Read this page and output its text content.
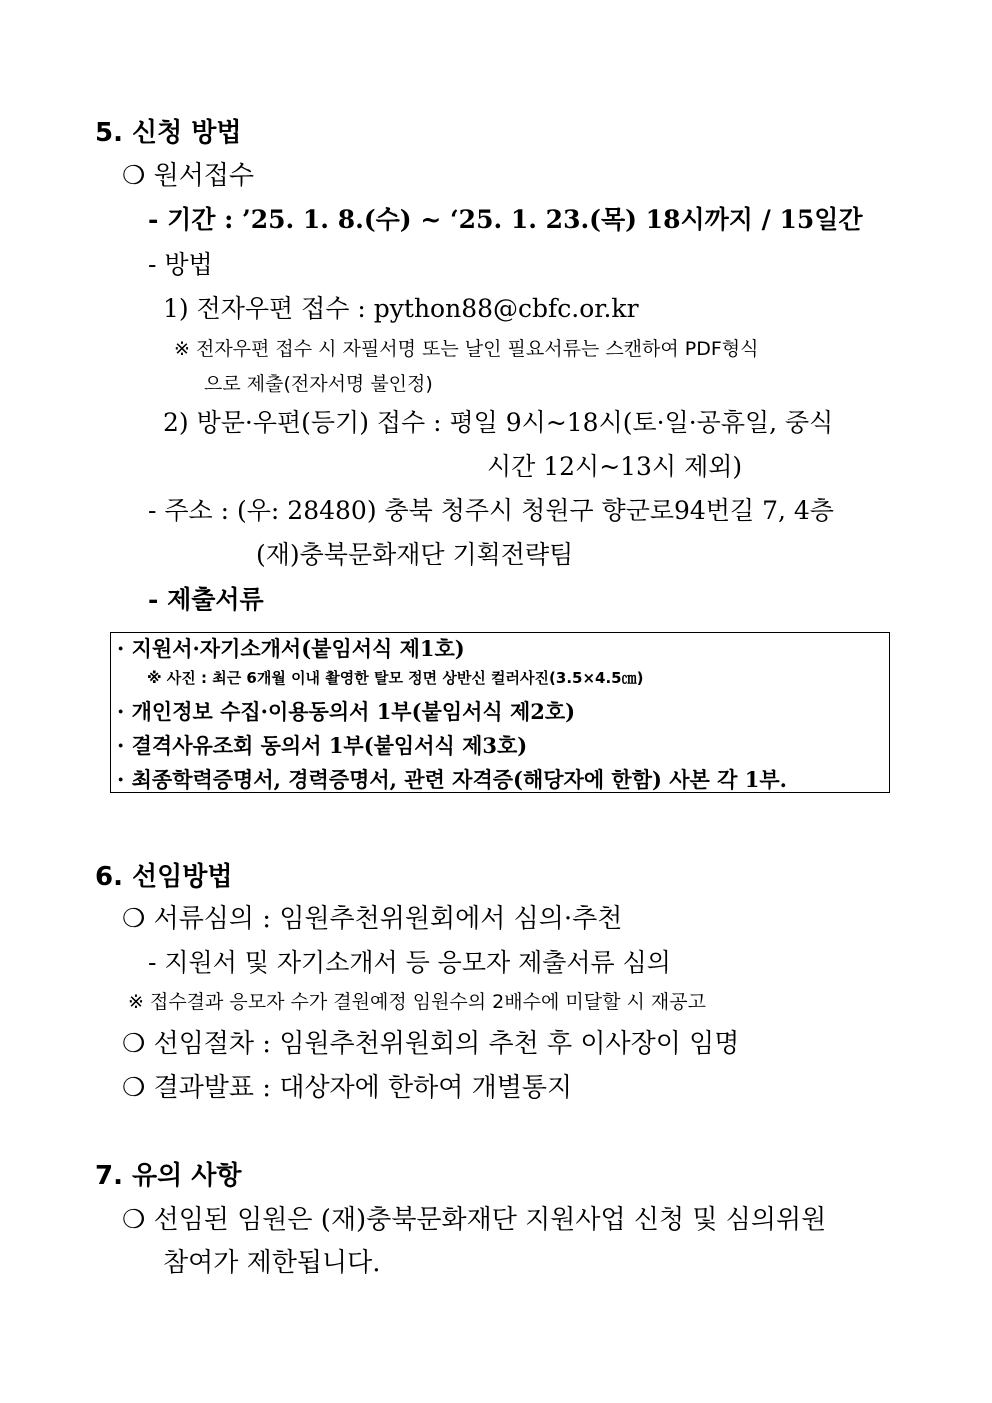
5. 신청 방법
❍ 원서접수
- 기간 : ’25. 1. 8.(수) ~ ‘25. 1. 23.(목) 18시까지 / 15일간
- 방법
1) 전자우편 접수 : python88@cbfc.or.kr
※ 전자우편 접수 시 자필서명 또는 날인 필요서류는 스캔하여 PDF형식
으로 제출(전자서명 불인정)
2) 방문·우편(등기) 접수 : 평일 9시~18시(토·일·공휴일, 중식
시간 12시~13시 제외)
- 주소 : (우: 28480) 충북 청주시 청원구 향군로94번길 7, 4층
(재)충북문화재단 기획전략팀
- 제출서류
· 지원서·자기소개서(붙임서식 제1호)
※ 사진 : 최근 6개월 이내 촬영한 탈모 정면 상반신 컬러사진(3.5×4.5㎝)
· 개인정보 수집·이용동의서 1부(붙임서식 제2호)
· 결격사유조회 동의서 1부(붙임서식 제3호)
· 최종학력증명서, 경력증명서, 관련 자격증(해당자에 한함) 사본 각 1부.
6. 선임방법
❍ 서류심의 : 임원추천위원회에서 심의·추천
- 지원서 및 자기소개서 등 응모자 제출서류 심의
※ 접수결과 응모자 수가 결원예정 임원수의 2배수에 미달할 시 재공고
❍ 선임절차 : 임원추천위원회의 추천 후 이사장이 임명
❍ 결과발표 : 대상자에 한하여 개별통지
7. 유의 사항
❍ 선임된 임원은 (재)충북문화재단 지원사업 신청 및 심의위원
참여가 제한됩니다.
